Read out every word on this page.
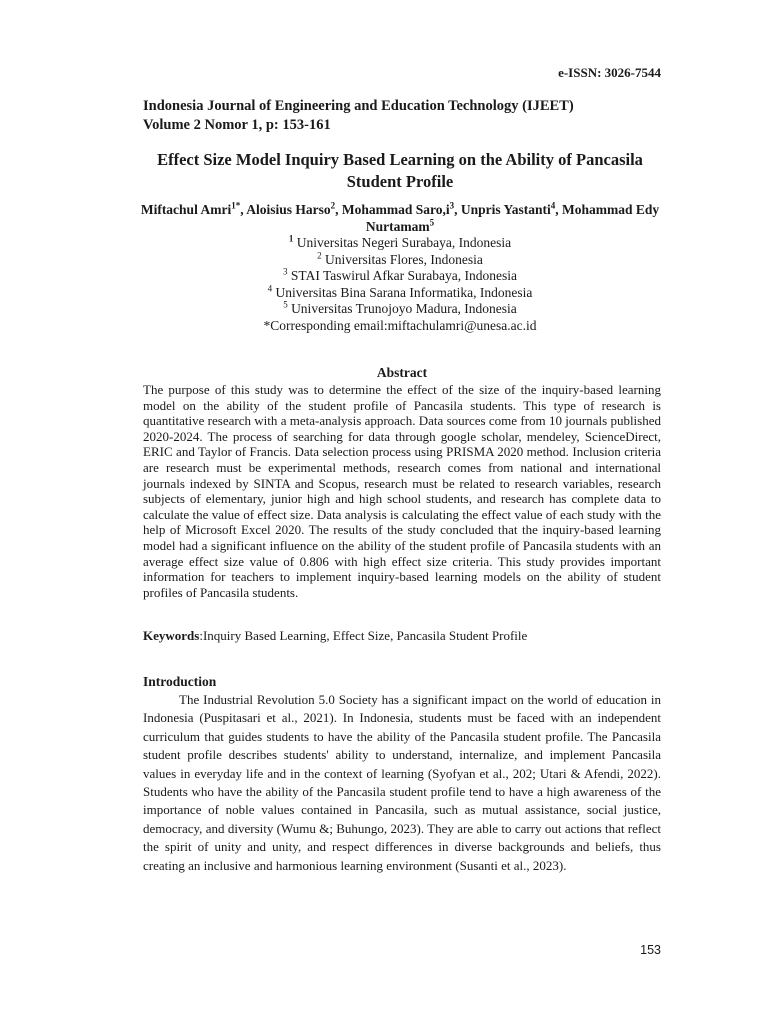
e-ISSN: 3026-7544
Indonesia Journal of Engineering and Education Technology (IJEET)
Volume 2 Nomor 1, p: 153-161
Effect Size Model Inquiry Based Learning on the Ability of Pancasila Student Profile
Miftachul Amri$^{1*}$, Aloisius Harso$^2$, Mohammad $Saro,i^3$, Unpris Yastanti$^4$, Mohammad Edy Nurtamam$^5$
$^1$ Universitas Negeri Surabaya, Indonesia
$^2$ Universitas Flores, Indonesia
$^3$ STAI Taswirul Afkar Surabaya, Indonesia
$^4$ Universitas Bina Sarana Informatika, Indonesia
$^5$ Universitas Trunojoyo Madura, Indonesia
*Corresponding email:miftachulamri@unesa.ac.id
Abstract
The purpose of this study was to determine the effect of the size of the inquiry-based learning model on the ability of the student profile of Pancasila students. This type of research is quantitative research with a meta-analysis approach. Data sources come from 10 journals published 2020-2024. The process of searching for data through google scholar, mendeley, ScienceDirect, ERIC and Taylor of Francis. Data selection process using PRISMA 2020 method. Inclusion criteria are research must be experimental methods, research comes from national and international journals indexed by SINTA and Scopus, research must be related to research variables, research subjects of elementary, junior high and high school students, and research has complete data to calculate the value of effect size. Data analysis is calculating the effect value of each study with the help of Microsoft Excel 2020. The results of the study concluded that the inquiry-based learning model had a significant influence on the ability of the student profile of Pancasila students with an average effect size value of 0.806 with high effect size criteria. This study provides important information for teachers to implement inquiry-based learning models on the ability of student profiles of Pancasila students.
Keywords:Inquiry Based Learning, Effect Size, Pancasila Student Profile
Introduction
The Industrial Revolution 5.0 Society has a significant impact on the world of education in Indonesia (Puspitasari et al., 2021). In Indonesia, students must be faced with an independent curriculum that guides students to have the ability of the Pancasila student profile. The Pancasila student profile describes students' ability to understand, internalize, and implement Pancasila values in everyday life and in the context of learning (Syofyan et al., 202; Utari & Afendi, 2022). Students who have the ability of the Pancasila student profile tend to have a high awareness of the importance of noble values contained in Pancasila, such as mutual assistance, social justice, democracy, and diversity (Wumu &; Buhungo, 2023). They are able to carry out actions that reflect the spirit of unity and unity, and respect differences in diverse backgrounds and beliefs, thus creating an inclusive and harmonious learning environment (Susanti et al., 2023).
153
